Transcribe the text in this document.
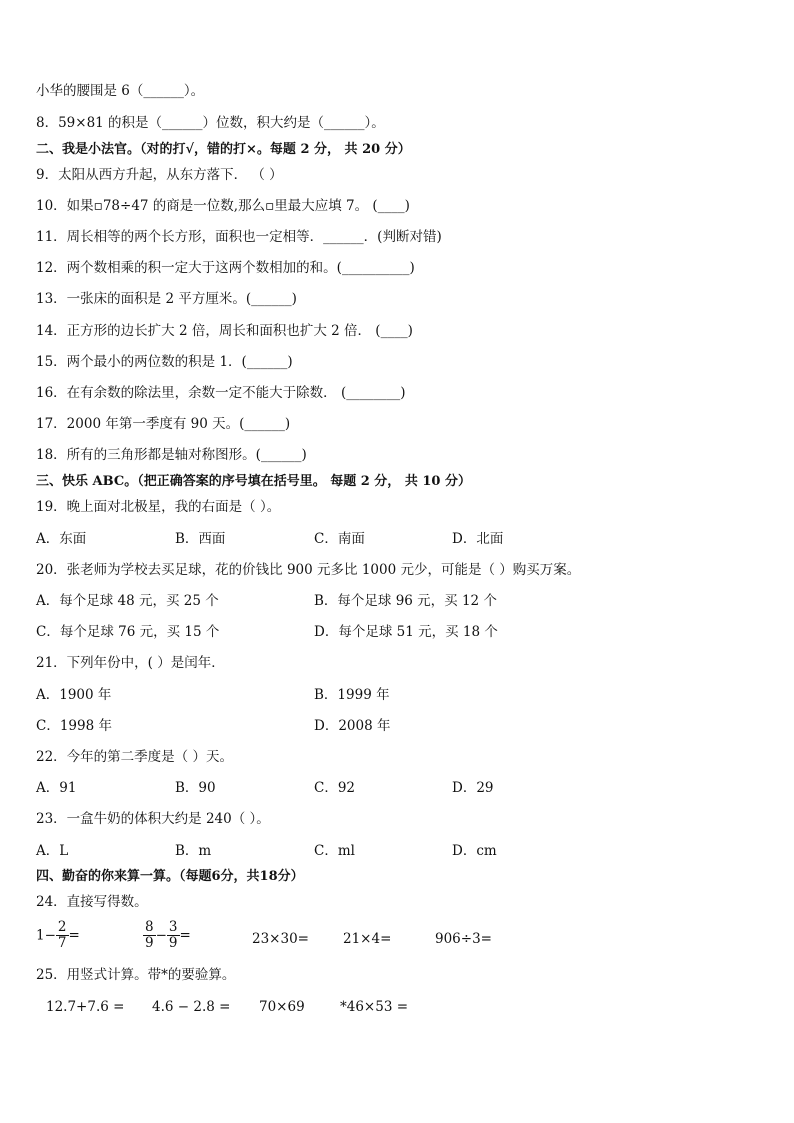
小华的腰围是 6（______）。
8．59×81 的积是（______）位数，积大约是（______）。
二、我是小法官。（对的打√，错的打×。每题 2 分， 共 20 分）
9．太阳从西方升起，从东方落下． （ ）
10．如果▫78÷47 的商是一位数,那么▫里最大应填 7。 (____)
11．周长相等的两个长方形，面积也一定相等．______．(判断对错)
12．两个数相乘的积一定大于这两个数相加的和。(__________)
13．一张床的面积是 2 平方厘米。(______)
14．正方形的边长扩大 2 倍，周长和面积也扩大 2 倍． (____)
15．两个最小的两位数的积是 1．(______)
16．在有余数的除法里，余数一定不能大于除数． (________)
17．2000 年第一季度有 90 天。(______)
18．所有的三角形都是轴对称图形。(______)
三、快乐 ABC。（把正确答案的序号填在括号里。 每题 2 分， 共 10 分）
19．晚上面对北极星，我的右面是（ ）。
A．东面	B．西面	C．南面	D．北面
20．张老师为学校去买足球，花的价钱比 900 元多比 1000 元少，可能是（ ）购买万案。
A．每个足球 48 元，买 25 个	B．每个足球 96 元，买 12 个
C．每个足球 76 元，买 15 个	D．每个足球 51 元，买 18 个
21．下列年份中，( ）是闰年．
A．1900 年	B．1999 年
C．1998 年	D．2008 年
22．今年的第二季度是（ ）天。
A．91	B．90	C．92	D．29
23．一盒牛奶的体积大约是 240（ ）。
A．L	B．m	C．ml	D．cm
四、勤奋的你来算一算。（每题6分，共18分）
24．直接写得数。
$1- \frac{2}{7}$ =	$\frac{8}{9} - \frac{3}{9}$ =	23×30=	21×4=	906÷3=
25．用竖式计算。带*的要验算。
12.7+7.6 = 4.6 − 2.8 = 70×69	*46×53 =
